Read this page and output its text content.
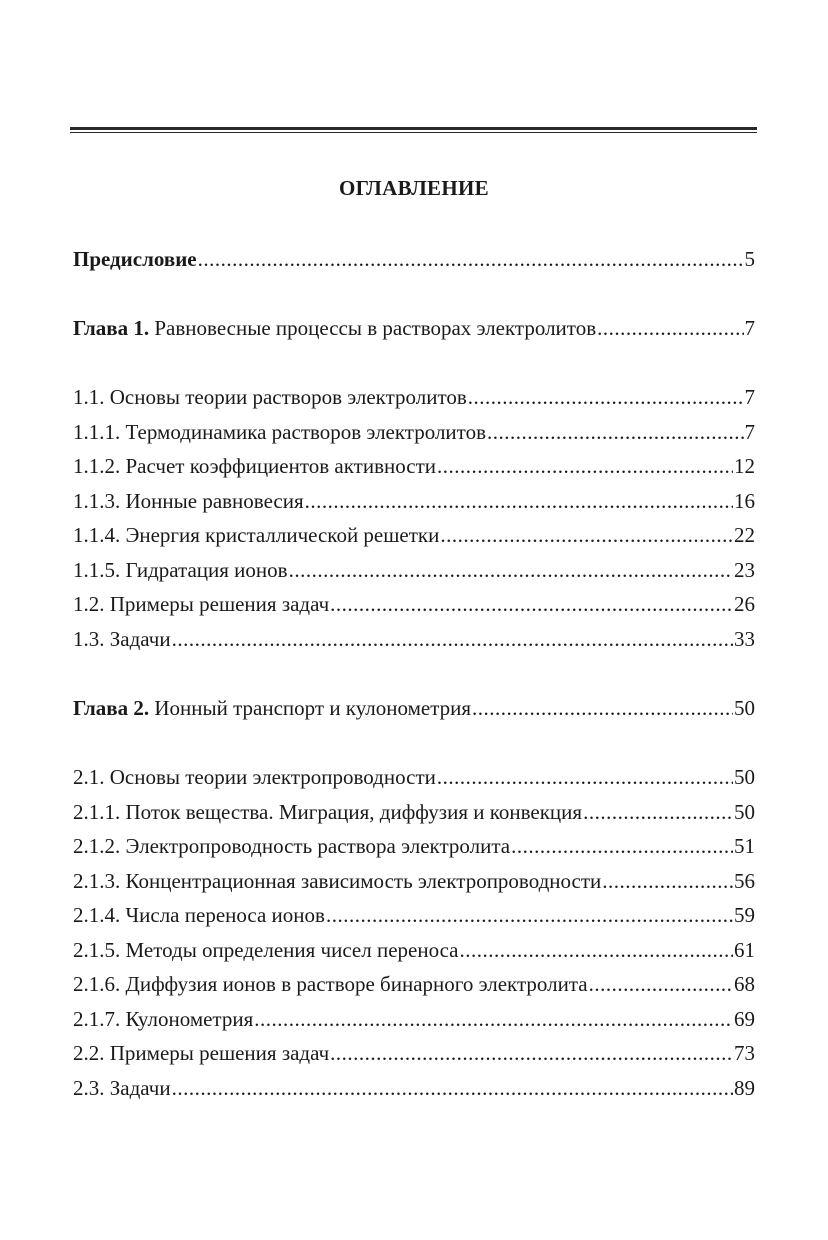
ОГЛАВЛЕНИЕ
Предисловие .....	5
Глава 1. Равновесные процессы в растворах электролитов .....	7
1.1. Основы теории растворов электролитов .....	7
1.1.1. Термодинамика растворов электролитов .....	7
1.1.2. Расчет коэффициентов активности .....	12
1.1.3. Ионные равновесия .....	16
1.1.4. Энергия кристаллической решетки .....	22
1.1.5. Гидратация ионов .....	23
1.2. Примеры решения задач .....	26
1.3. Задачи .....	33
Глава 2. Ионный транспорт и кулонометрия .....	50
2.1. Основы теории электропроводности .....	50
2.1.1. Поток вещества. Миграция, диффузия и конвекция .....	50
2.1.2. Электропроводность раствора электролита .....	51
2.1.3. Концентрационная зависимость электропроводности .....	56
2.1.4. Числа переноса ионов .....	59
2.1.5. Методы определения чисел переноса .....	61
2.1.6. Диффузия ионов в растворе бинарного электролита .....	68
2.1.7. Кулонометрия .....	69
2.2. Примеры решения задач .....	73
2.3. Задачи .....	89
